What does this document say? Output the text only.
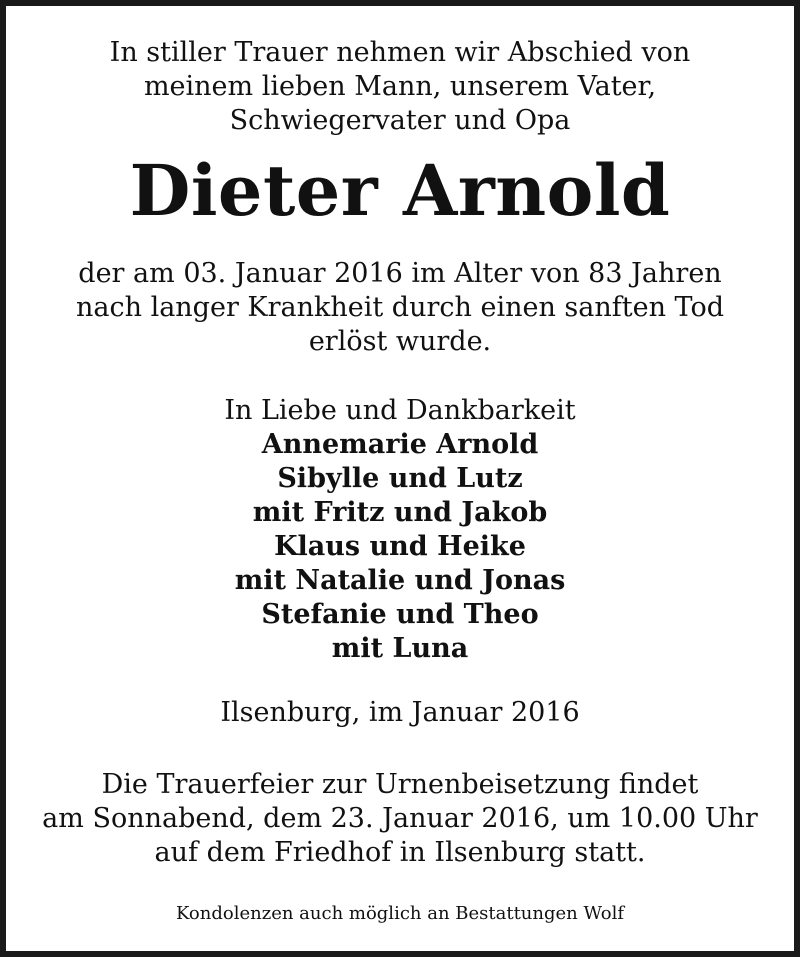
In stiller Trauer nehmen wir Abschied von
meinem lieben Mann, unserem Vater,
Schwiegervater und Opa
Dieter Arnold
der am 03. Januar 2016 im Alter von 83 Jahren
nach langer Krankheit durch einen sanften Tod
erlöst wurde.
In Liebe und Dankbarkeit
Annemarie Arnold
Sibylle und Lutz
mit Fritz und Jakob
Klaus und Heike
mit Natalie und Jonas
Stefanie und Theo
mit Luna
Ilsenburg, im Januar 2016
Die Trauerfeier zur Urnenbeisetzung findet
am Sonnabend, dem 23. Januar 2016, um 10.00 Uhr
auf dem Friedhof in Ilsenburg statt.
Kondolenzen auch möglich an Bestattungen Wolf
